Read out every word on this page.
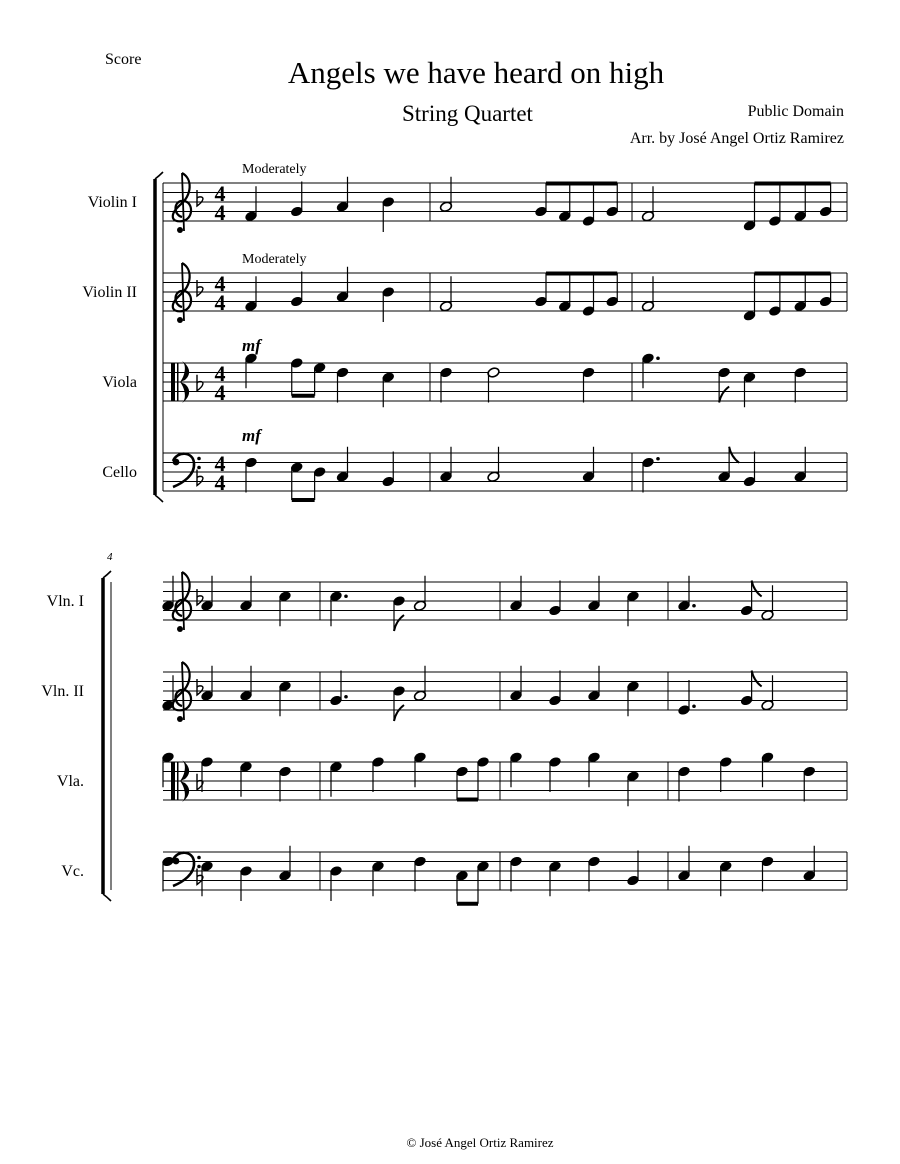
Score	Angels we have heard on high
String Quartet	Public Domain
Arr. by José Angel Ortiz Ramirez
Violin I	4
4
Moderately
Violin II	4
4
Moderately
Viola	4
4
mf
Cello	4
4
mf
4
Vln. I
Vln. II
Vla.
Vc.
© José Angel Ortiz Ramirez
